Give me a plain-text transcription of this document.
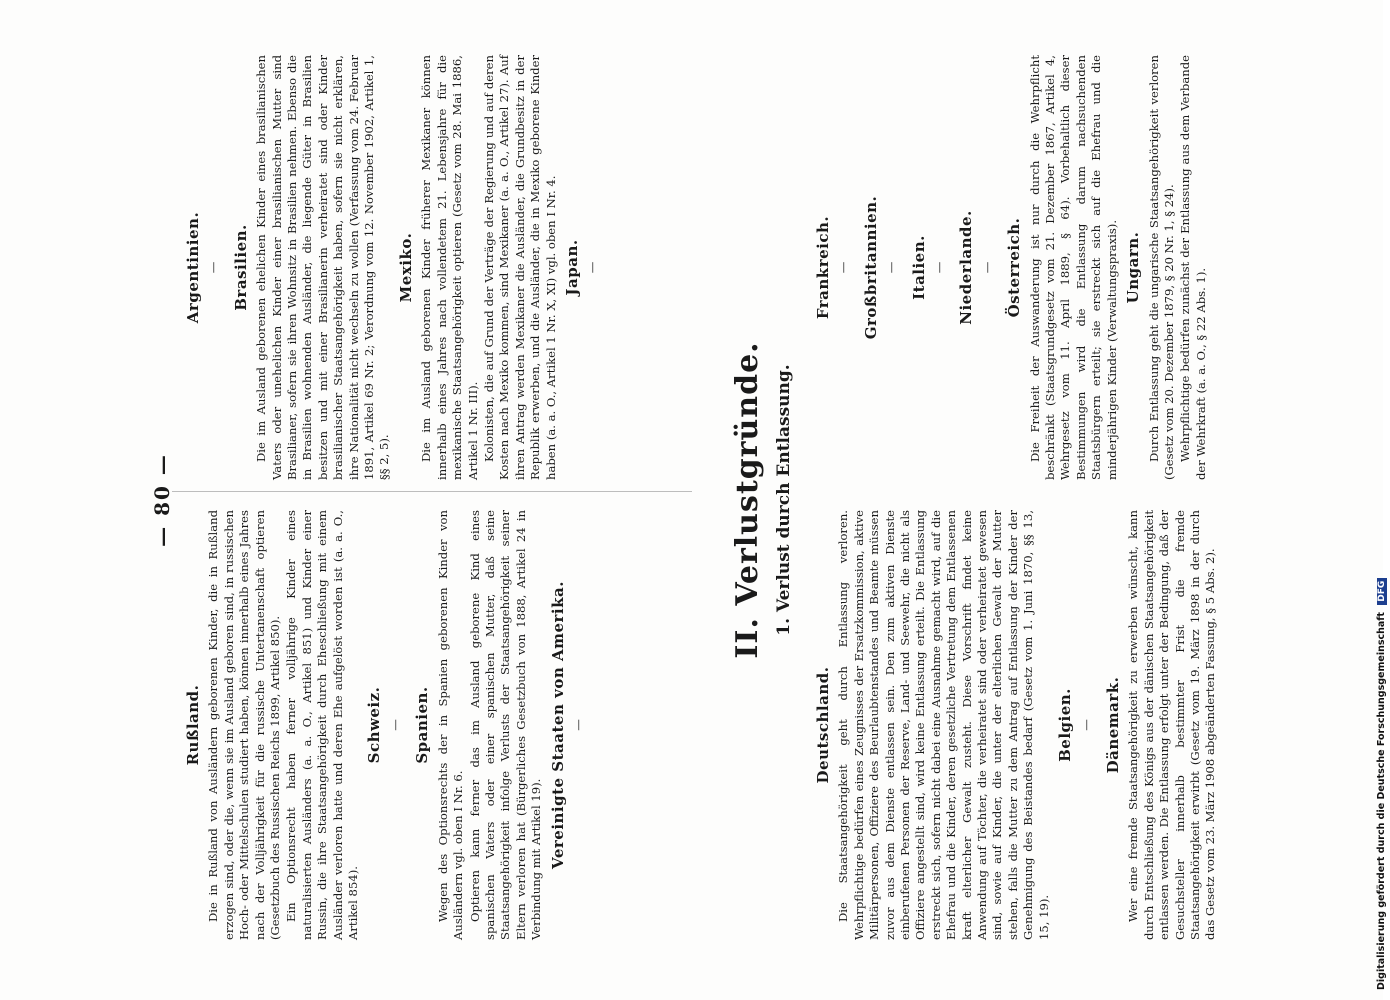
— 80 —
Rußland. Die in Rußland von Ausländern geborenen Kinder, die in Rußland erzogen sind, oder die, wenn sie im Ausland geboren sind, in russischen Hoch- oder Mittelschulen studiert haben, können innerhalb eines Jahres nach der Volljährigkeit für die russische Untertanenschaft optieren (Gesetzbuch des Russischen Reichs 1899, Artikel 850). Ein Optionsrecht haben ferner volljährige Kinder eines naturalisierten Ausländers (a. a. O., Artikel 851) und Kinder einer Russin, die ihre Staatsangehörigkeit durch Eheschließung mit einem Ausländer verloren hatte und deren Ehe aufgelöst worden ist (a. a. O., Artikel 854).

Schweiz. — Spanien. Wegen des Optionsrechts der in Spanien geborenen Kinder von Ausländern vgl. oben I Nr. 6. Optieren kann ferner das im Ausland geborene Kind eines spanischen Vaters oder einer spanischen Mutter, daß seine Staatsangehörigkeit infolge Verlusts der Staatsangehörigkeit seiner Eltern verloren hat (Bürgerliches Gesetzbuch von 1888, Artikel 24 in Verbindung mit Artikel 19). Vereinigte Staaten von Amerika. —
Argentinien. — Brasilien. Die im Ausland geborenen ehelichen Kinder eines brasilianischen Vaters oder unehelichen Kinder einer brasilianischen Mutter sind Brasilianer, sofern sie ihren Wohnsitz in Brasilien nehmen. Ebenso die in Brasilien wohnenden Ausländer, die liegende Güter in Brasilien besitzen und mit einer Brasilianerin verheiratet sind oder Kinder brasilianischer Staatsangehörigkeit haben, sofern sie nicht erklären, ihre Nationalität nicht wechseln zu wollen (Verfassung vom 24. Februar 1891, Artikel 69 Nr. 2; Verordnung vom 12. November 1902, Artikel 1, §§ 2, 5).

Mexiko. Die im Ausland geborenen Kinder früherer Mexikaner können innerhalb eines Jahres nach vollendetem 21. Lebensjahre für die mexikanische Staatsangehörigkeit optieren (Gesetz vom 28. Mai 1886, Artikel 1 Nr. III). Kolonisten, die auf Grund der Verträge der Regierung und auf deren Kosten nach Mexiko kommen, sind Mexikaner (a. a. O., Artikel 27). Auf ihren Antrag werden Mexikaner die Ausländer, die Grundbesitz in der Republik erwerben, und die Ausländer, die in Mexiko geborene Kinder haben (a. a. O., Artikel 1 Nr. X, XI) vgl. oben I Nr. 4. Japan. —
II. Verlustgründe. 1. Verlust durch Entlassung.
Deutschland. Die Staatsangehörigkeit geht durch Entlassung verloren. Wehrpflichtige bedürfen eines Zeugnisses der Ersatzkommission, aktive Militärpersonen, Offiziere des Beurlaubtenstandes und Beamte müssen zuvor aus dem Dienste entlassen sein. Den zum aktiven Dienste einberufenen Personen der Reserve, Land- und Seewehr, die nicht als Offiziere angestellt sind, wird keine Entlassung erteilt. Die Entlassung erstreckt sich, sofern nicht dabei eine Ausnahme gemacht wird, auf die Ehefrau und die Kinder, deren gesetzliche Vertretung dem Entlassenen kraft elterlicher Gewalt zusteht. Diese Vorschrift findet keine Anwendung auf Töchter, die verheiratet sind oder verheiratet gewesen sind, sowie auf Kinder, die unter der elterlichen Gewalt der Mutter stehen, falls die Mutter zu dem Antrag auf Entlassung der Kinder der Genehmigung des Beistandes bedarf (Gesetz vom 1. Juni 1870, §§ 13, 15, 19).

Belgien. — Dänemark. Wer eine fremde Staatsangehörigkeit zu erwerben wünscht, kann durch Entschließung des Königs aus der dänischen Staatsangehörigkeit entlassen werden. Die Entlassung erfolgt unter der Bedingung, daß der Gesuchsteller innerhalb bestimmter Frist die fremde Staatsangehörigkeit erwirbt (Gesetz vom 19. März 1898 in der durch das Gesetz vom 23. März 1908 abgeänderten Fassung, § 5 Abs. 2).

Frankreich. — Großbritannien. — Italien. — Niederlande. — Österreich. Die Freiheit der Auswanderung ist nur durch die Wehrpflicht beschränkt (Staatsgrundgesetz vom 21. Dezember 1867, Artikel 4, Wehrgesetz vom 11. April 1889, § 64). Vorbehaltlich dieser Bestimmungen wird die Entlassung darum nachsuchenden Staatsbürgern erteilt; sie erstreckt sich auf die Ehefrau und die minderjährigen Kinder (Verwaltungspraxis). Ungarn. Durch Entlassung geht die ungarische Staatsangehörigkeit verloren (Gesetz vom 20. Dezember 1879, § 20 Nr. 1, § 24). Wehrpflichtige bedürfen zunächst der Entlassung aus dem Verbande der Wehrkraft (a. a. O., § 22 Abs. 1).

Digitalisierung gefördert durch die Deutsche Forschungsgemeinschaft DFG
